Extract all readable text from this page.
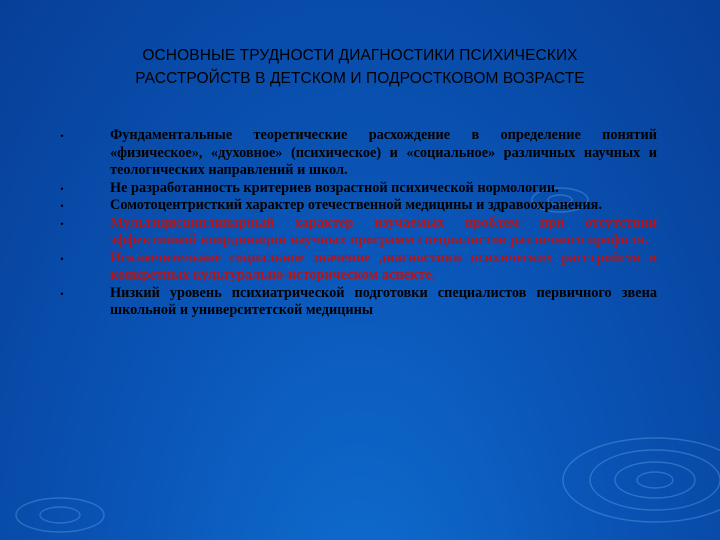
ОСНОВНЫЕ ТРУДНОСТИ ДИАГНОСТИКИ ПСИХИЧЕСКИХ
РАССТРОЙСТВ В ДЕТСКОМ И ПОДРОСТКОВОМ ВОЗРАСТЕ
•	Фундаментальные теоретические расхождение в определение понятий «физическое», «духовное» (психическое) и «социальное» различных научных и теологических направлений и школ.
•	Не разработанность критериев возрастной психической нормологии.
•	Сомотоцентристкий характер отечественной медицины и здравоохранения.
•	Мультидисциплинарный характер изучаемых проблем при отсутствии эффективной координации научных программ специалистов различного профиля.
•	Исключительное социальное значение диагностики психических расстройств в конкретных культурально-историческом аспекте.
•	Низкий уровень психиатрической подготовки специалистов первичного звена школьной и университетской медицины
